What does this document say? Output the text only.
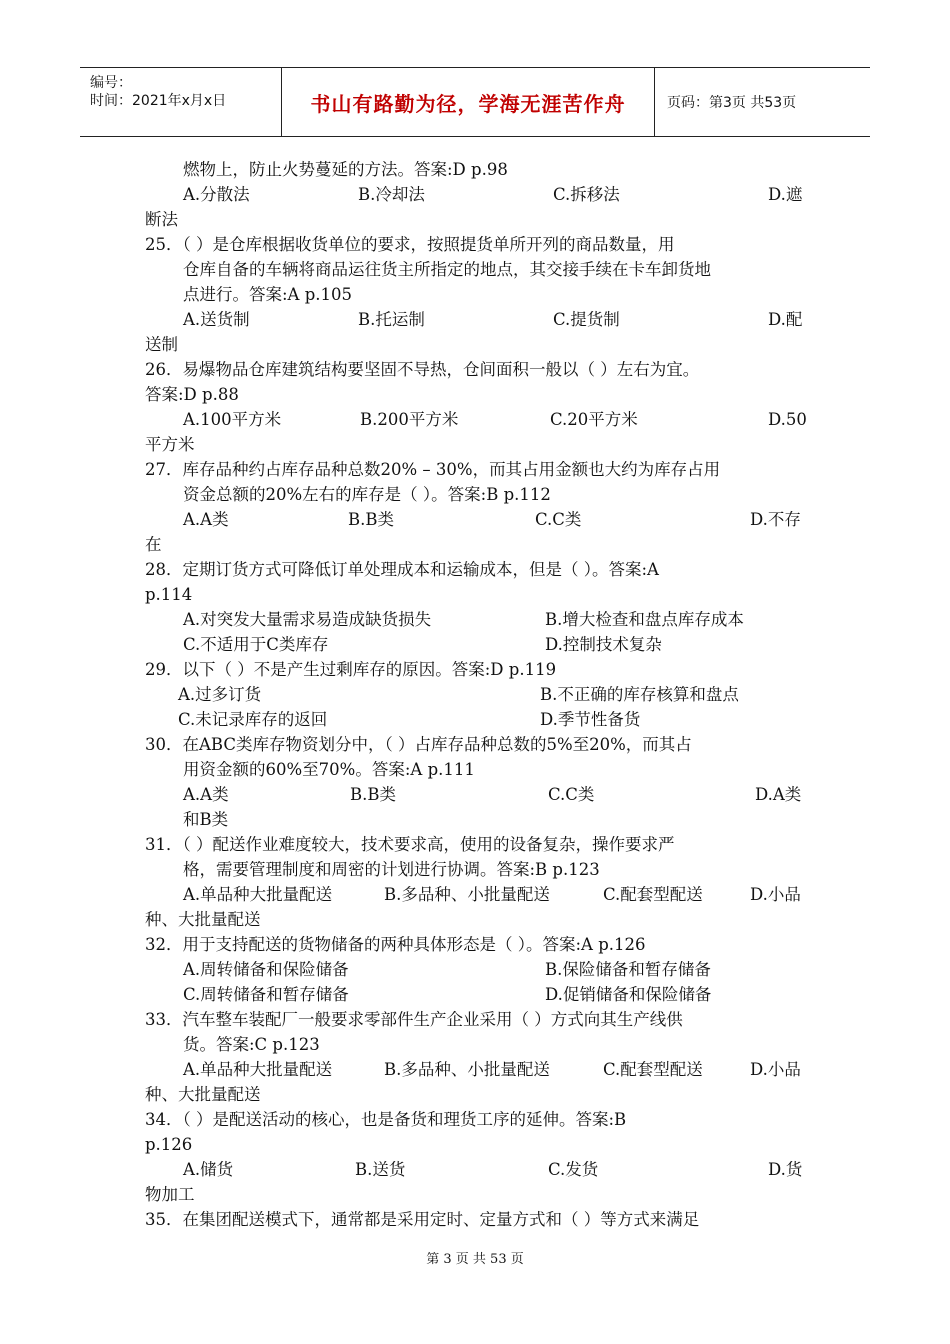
编号：
时间：2021年x月x日	书山有路勤为径，学海无涯苦作舟	页码：第3页 共53页
燃物上，防止火势蔓延的方法。答案:D p.98
A.分散法	B.冷却法	C.拆移法	D.遮
断法
25．（ ）是仓库根据收货单位的要求，按照提货单所开列的商品数量，用
仓库自备的车辆将商品运往货主所指定的地点，其交接手续在卡车卸货地
点进行。答案:A p.105
A.送货制	B.托运制	C.提货制	D.配
送制
26．易爆物品仓库建筑结构要坚固不导热，仓间面积一般以（ ）左右为宜。
答案:D p.88
A.100平方米	B.200平方米	C.20平方米	D.50
平方米
27．库存品种约占库存品种总数20% – 30%，而其占用金额也大约为库存占用
资金总额的20%左右的库存是（ ）。答案:B p.112
A.A类	B.B类	C.C类	D.不存
在
28．定期订货方式可降低订单处理成本和运输成本，但是（ ）。答案:A
p.114
A.对突发大量需求易造成缺货损失	B.增大检查和盘点库存成本
C.不适用于C类库存	D.控制技术复杂
29．以下（ ）不是产生过剩库存的原因。答案:D p.119
A.过多订货	B.不正确的库存核算和盘点
C.未记录库存的返回	D.季节性备货
30．在ABC类库存物资划分中，（ ）占库存品种总数的5%至20%，而其占
用资金额的60%至70%。答案:A p.111
A.A类	B.B类	C.C类	D.A类
和B类
31．（ ）配送作业难度较大，技术要求高，使用的设备复杂，操作要求严
格，需要管理制度和周密的计划进行协调。答案:B p.123
A.单品种大批量配送	B.多品种、小批量配送	C.配套型配送	D.小品
种、大批量配送
32．用于支持配送的货物储备的两种具体形态是（ ）。答案:A p.126
A.周转储备和保险储备	B.保险储备和暂存储备
C.周转储备和暂存储备	D.促销储备和保险储备
33．汽车整车装配厂一般要求零部件生产企业采用（ ）方式向其生产线供
货。答案:C p.123
A.单品种大批量配送	B.多品种、小批量配送	C.配套型配送	D.小品
种、大批量配送
34．（ ）是配送活动的核心，也是备货和理货工序的延伸。答案:B
p.126
A.储货	B.送货	C.发货	D.货
物加工
35．在集团配送模式下，通常都是采用定时、定量方式和（ ）等方式来满足
第 3 页 共 53 页
